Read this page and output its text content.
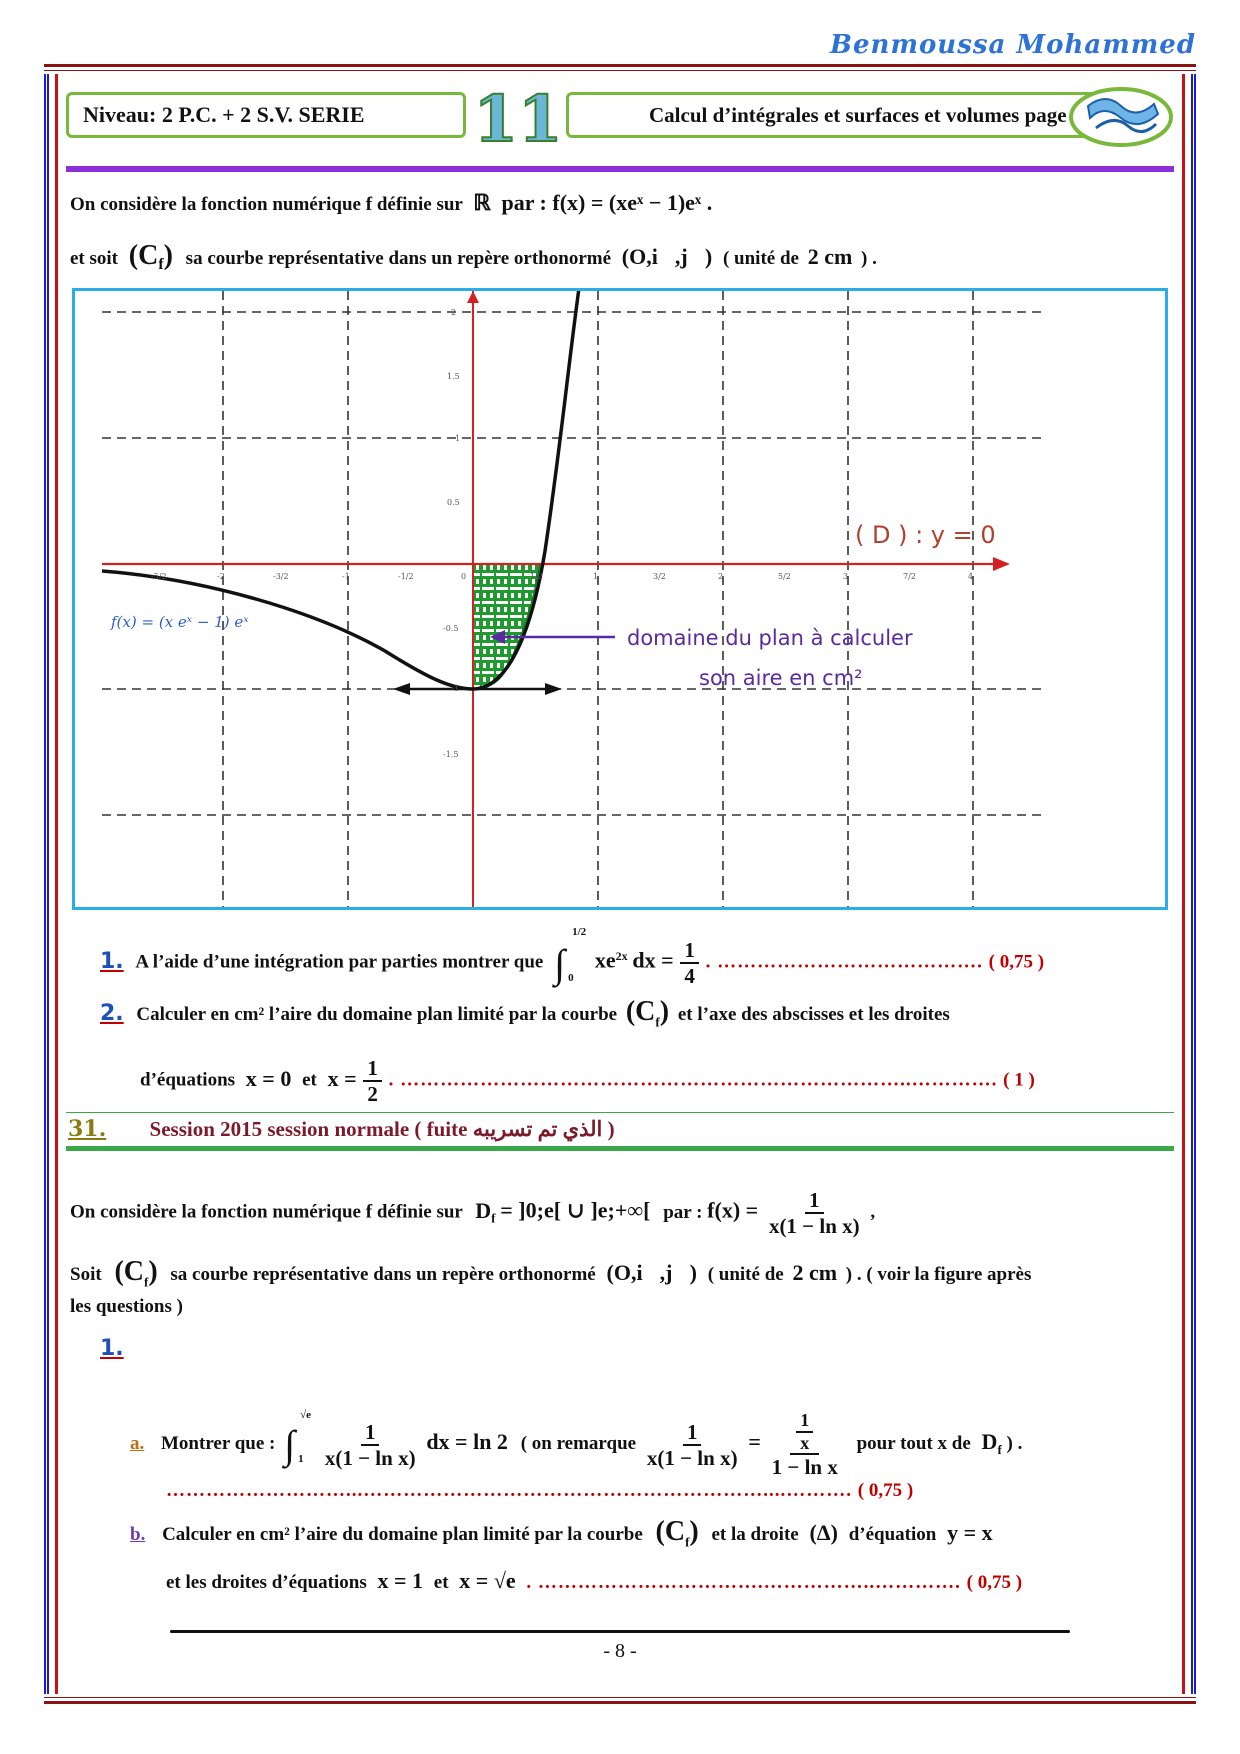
Benmoussa Mohammed
Niveau: 2 P.C. + 2 S.V. SERIE	11	Calcul d’intégrales et surfaces et volumes page
On considère la fonction numérique f définie sur ℝ par : f(x) = (xeˣ − 1)eˣ .
et soit $(C_f)$ sa courbe représentative dans un repère orthonormé (O,i⃗,j⃗) ( unité de 2 cm ) .
-5/2	-2	-3/2	-1	-1/2	0	1/2	1	3/2	2	5/2	3	7/2	4
2
1.5
1
0.5
-0.5
-1
-1.5
f(x) = (x eˣ − 1) eˣ
( D ) : y = 0
domaine du plan à calculer
son aire en cm²
1. A l’aide d’une intégration par parties montrer que ∫
1/2
0
$xe^{2x}$ dx = $\frac{1}{4}$ . …………………………………. ( 0,75 )
2. Calculer en cm² l’aire du domaine plan limité par la courbe $(C_f)$ et l’axe des abscisses et les droites
d’équations x = 0 et $x = \frac{1}{2}$ . …………………………………………………………………..…………. ( 1 )
31. Session 2015 session normale ( fuite الذي تم تسريبه )
On considère la fonction numérique f définie sur $D_f$ = ]0;e[ ∪ ]e;+∞[ par : $f(x) = \frac{1}{\text{x(1 − ln x)}}$ ,
Soit $(C_f)$ sa courbe représentative dans un repère orthonormé (O,i⃗,j⃗) ( unité de 2 cm ) . ( voir la figure après
les questions )
1.
a. Montrer que : ∫
√e
1
$\frac{1}{\text{x(1 − ln x)}}$ dx = ln 2 ( on remarque $\frac{1}{\text{x(1 − ln x)}} = \frac{\frac{1}{x}}{\text{1 − ln x}}$ pour tout x de $D_f$ ) .
………………………...……………………………………………………....………. ( 0,75 )
b. Calculer en cm² l’aire du domaine plan limité par la courbe $(C_f)$ et la droite (Δ) d’équation y = x
et les droites d’équations x = 1 et x = √e . …………………………….……………..…………. ( 0,75 )
- 8 -
